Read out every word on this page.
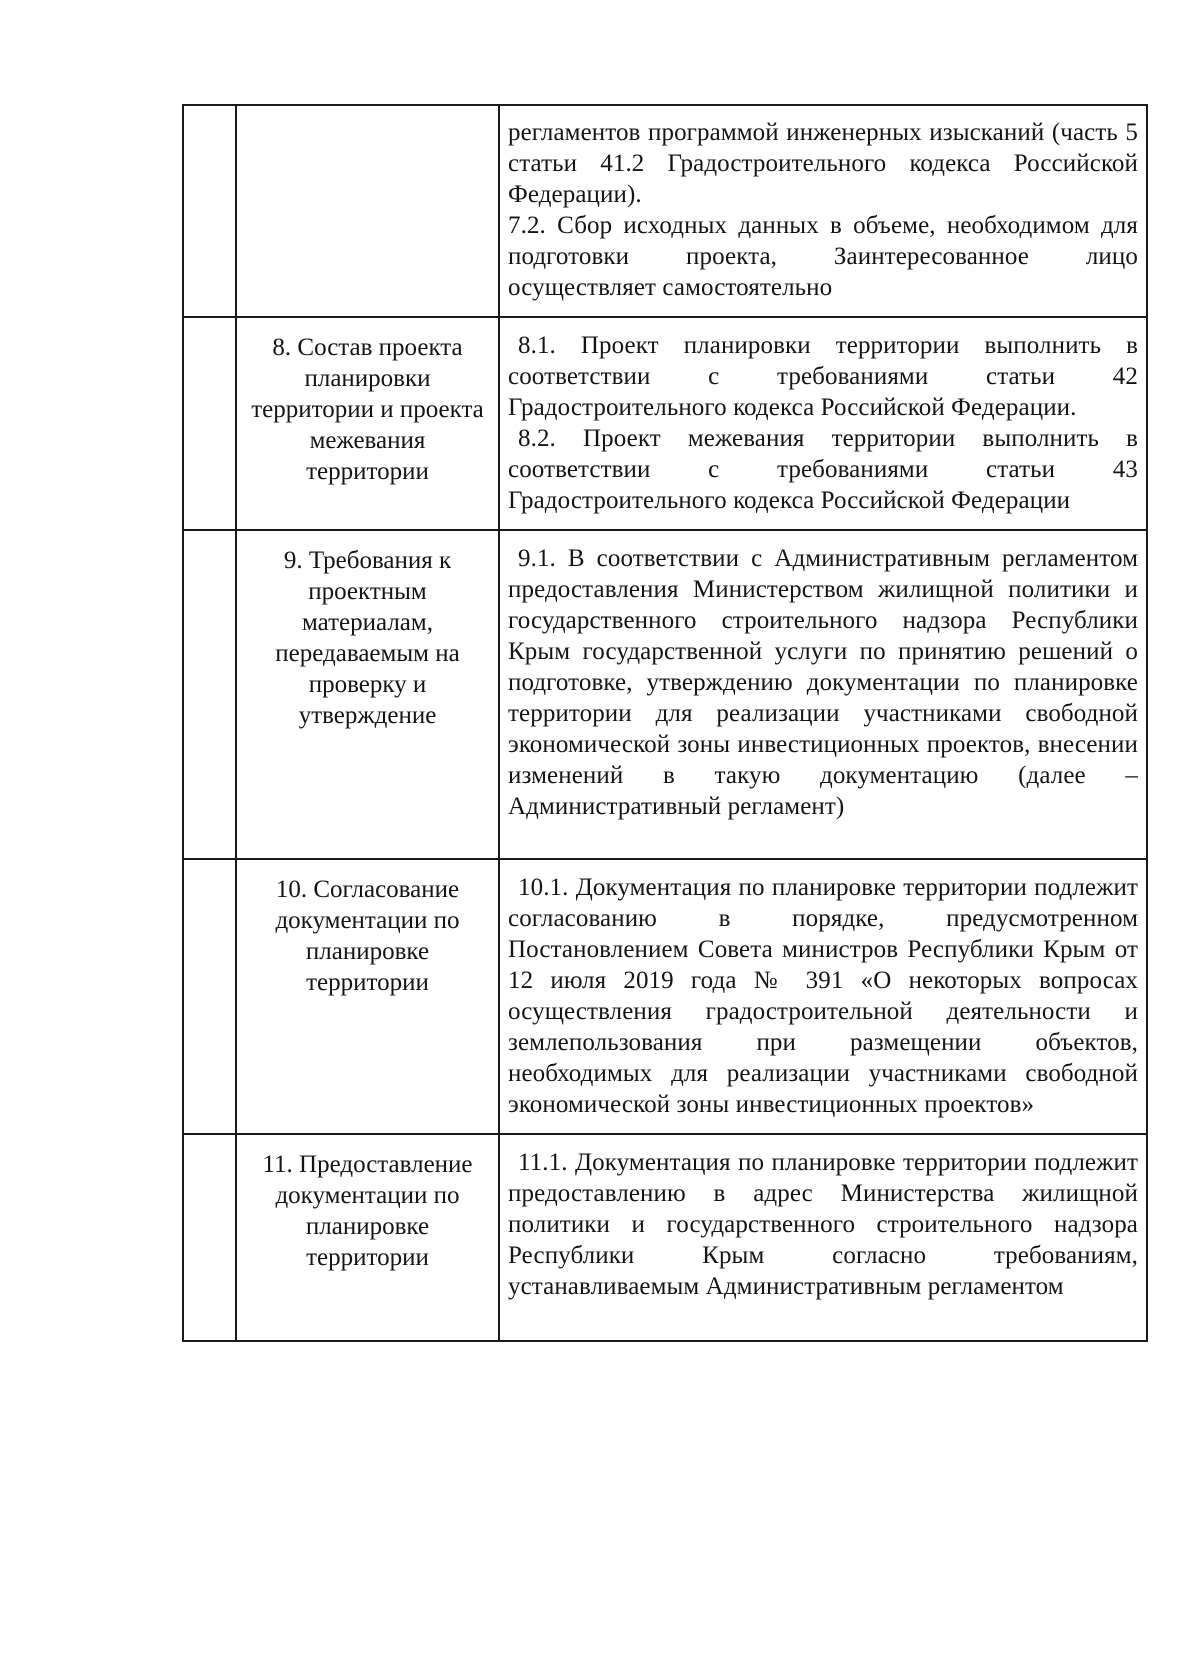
		регламентов программой инженерных изысканий (часть 5 статьи 41.2 Градостроительного кодекса Российской Федерации).

7.2. Сбор исходных данных в объеме, необходимом для подготовки проекта, Заинтересованное лицо осуществляет самостоятельно

	8. Состав проекта планировки территории и проекта межевания территории	8.1. Проект планировки территории выполнить в соответствии с требованиями статьи 42 Градостроительного кодекса Российской Федерации.

8.2. Проект межевания территории выполнить в соответствии с требованиями статьи 43 Градостроительного кодекса Российской Федерации

	9. Требования к проектным материалам, передаваемым на проверку и утверждение	9.1. В соответствии с Административным регламентом предоставления Министерством жилищной политики и государственного строительного надзора Республики Крым государственной услуги по принятию решений о подготовке, утверждению документации по планировке территории для реализации участниками свободной экономической зоны инвестиционных проектов, внесении изменений в такую документацию (далее – Административный регламент)

	10. Согласование документации по планировке территории	10.1. Документация по планировке территории подлежит согласованию в порядке, предусмотренном Постановлением Совета министров Республики Крым от 12 июля 2019 года № 391 «О некоторых вопросах осуществления градостроительной деятельности и землепользования при размещении объектов, необходимых для реализации участниками свободной экономической зоны инвестиционных проектов»

	11. Предоставление документации по планировке территории	11.1. Документация по планировке территории подлежит предоставлению в адрес Министерства жилищной политики и государственного строительного надзора Республики Крым согласно требованиям, устанавливаемым Административным регламентом
